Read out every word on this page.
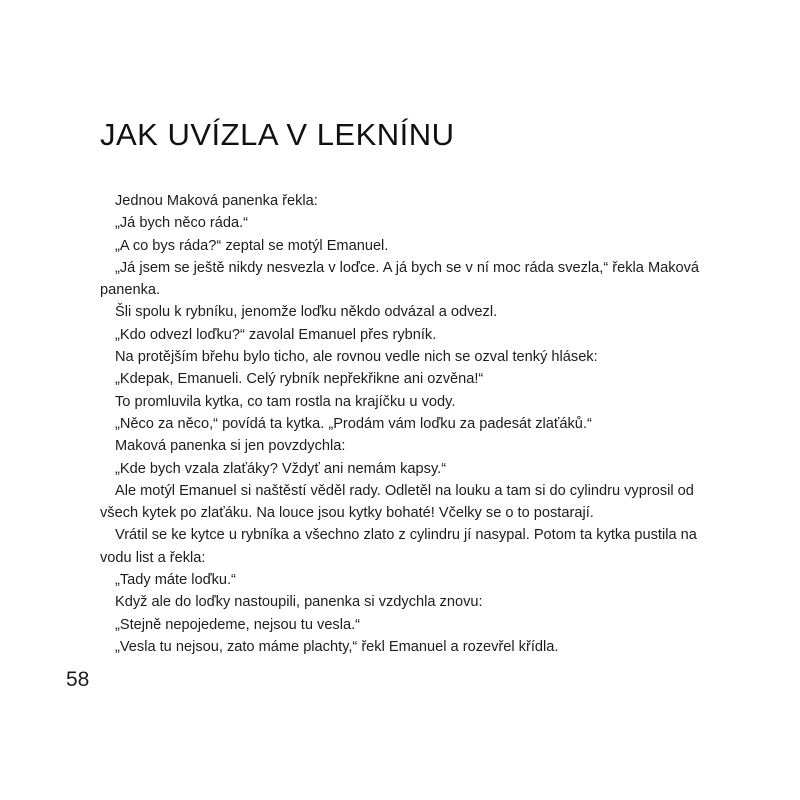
JAK UVÍZLA V LEKNÍNU

Jednou Maková panenka řekla:

„Já bych něco ráda.“

„A co bys ráda?“ zeptal se motýl Emanuel.

„Já jsem se ještě nikdy nesvezla v loďce. A já bych se v ní moc ráda svezla,“ řekla Maková panenka.

Šli spolu k rybníku, jenomže loďku někdo odvázal a odvezl.

„Kdo odvezl loďku?“ zavolal Emanuel přes rybník.

Na protějším břehu bylo ticho, ale rovnou vedle nich se ozval tenký hlásek:

„Kdepak, Emanueli. Celý rybník nepřekřikne ani ozvěna!“

To promluvila kytka, co tam rostla na krajíčku u vody.

„Něco za něco,“ povídá ta kytka. „Prodám vám loďku za padesát zlaťáků.“

Maková panenka si jen povzdychla:

„Kde bych vzala zlaťáky? Vždyť ani nemám kapsy.“

Ale motýl Emanuel si naštěstí věděl rady. Odletěl na louku a tam si do cylindru vyprosil od všech kytek po zlaťáku. Na louce jsou kytky bohaté! Včelky se o to postarají.

Vrátil se ke kytce u rybníka a všechno zlato z cylindru jí nasypal. Potom ta kytka pustila na vodu list a řekla:

„Tady máte loďku.“

Když ale do loďky nastoupili, panenka si vzdychla znovu:

„Stejně nepojedeme, nejsou tu vesla.“

„Vesla tu nejsou, zato máme plachty,“ řekl Emanuel a rozevřel křídla.

58
